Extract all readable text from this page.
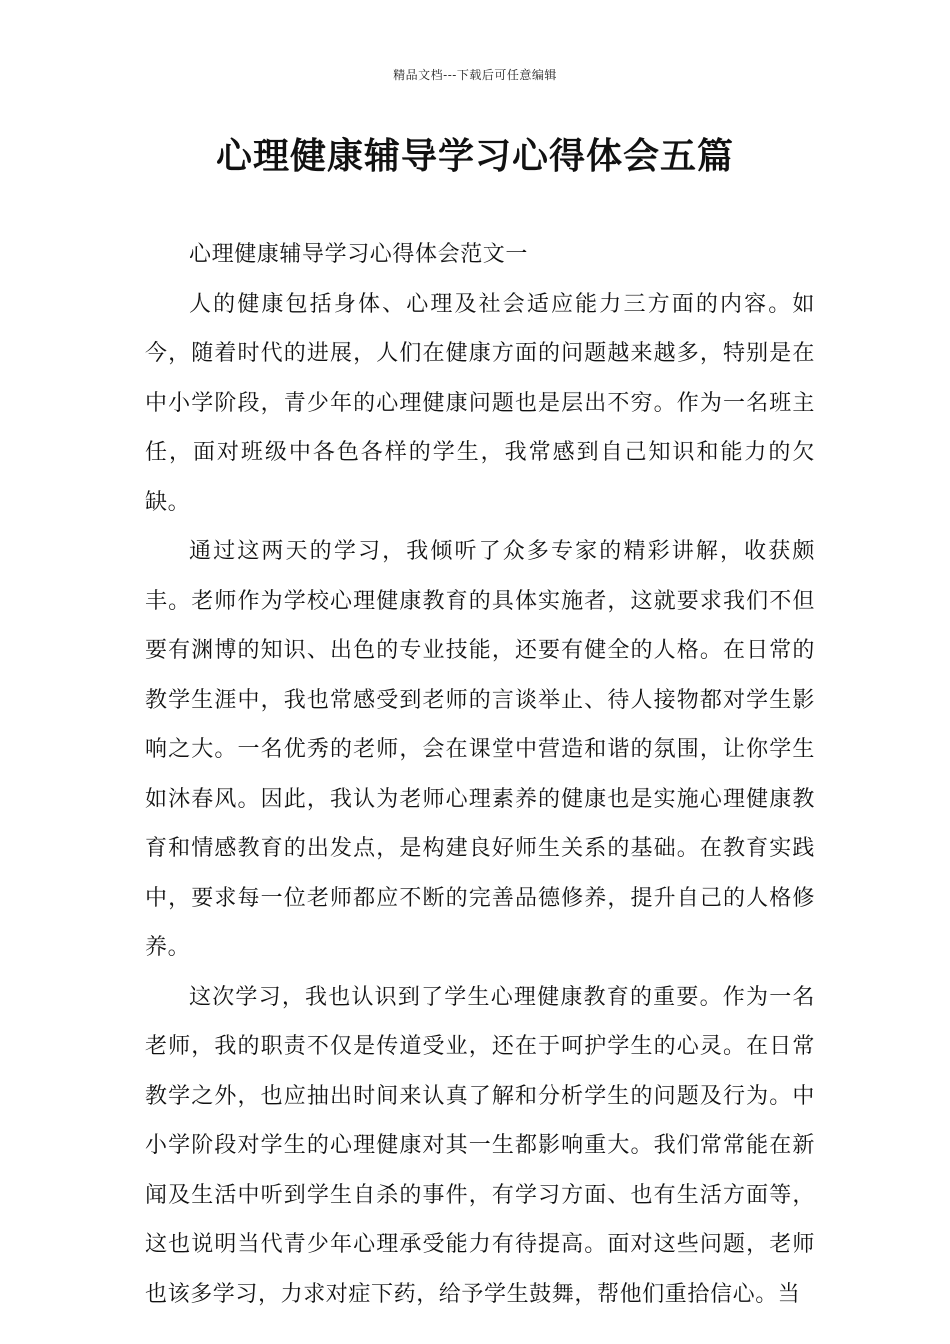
精品文档---下载后可任意编辑
心理健康辅导学习心得体会五篇

心理健康辅导学习心得体会范文一

人的健康包括身体、心理及社会适应能力三方面的内容。如今，随着时代的进展，人们在健康方面的问题越来越多，特别是在中小学阶段，青少年的心理健康问题也是层出不穷。作为一名班主任，面对班级中各色各样的学生，我常感到自己知识和能力的欠缺。

通过这两天的学习，我倾听了众多专家的精彩讲解，收获颇丰。老师作为学校心理健康教育的具体实施者，这就要求我们不但要有渊博的知识、出色的专业技能，还要有健全的人格。在日常的教学生涯中，我也常感受到老师的言谈举止、待人接物都对学生影响之大。一名优秀的老师，会在课堂中营造和谐的氛围，让你学生如沐春风。因此，我认为老师心理素养的健康也是实施心理健康教育和情感教育的出发点，是构建良好师生关系的基础。在教育实践中，要求每一位老师都应不断的完善品德修养，提升自己的人格修养。

这次学习，我也认识到了学生心理健康教育的重要。作为一名老师，我的职责不仅是传道受业，还在于呵护学生的心灵。在日常教学之外，也应抽出时间来认真了解和分析学生的问题及行为。中小学阶段对学生的心理健康对其一生都影响重大。我们常常能在新闻及生活中听到学生自杀的事件，有学习方面、也有生活方面等，这也说明当代青少年心理承受能力有待提高。面对这些问题，老师也该多学习，力求对症下药，给予学生鼓舞，帮他们重拾信心。当
